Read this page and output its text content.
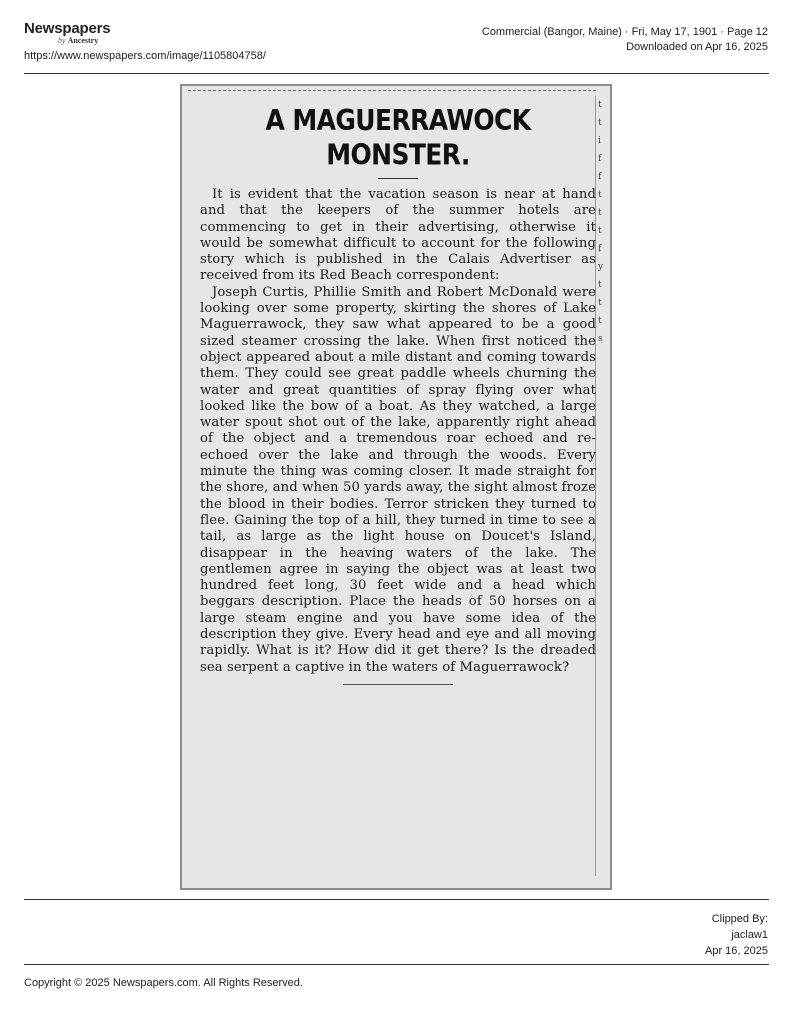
Newspapers
by Ancestry
https://www.newspapers.com/image/1105804758/
Commercial (Bangor, Maine) · Fri, May 17, 1901 · Page 12
Downloaded on Apr 16, 2025
t
t
i
f
f
t
t
t
f
y
t
t
t
s
A MAGUERRAWOCK MONSTER.

It is evident that the vacation season is near at hand and that the keepers of the summer hotels are commencing to get in their advertising, otherwise it would be somewhat difficult to account for the following story which is published in the Calais Advertiser as received from its Red Beach correspondent:

Joseph Curtis, Phillie Smith and Robert McDonald were looking over some property, skirting the shores of Lake Maguerrawock, they saw what appeared to be a good sized steamer crossing the lake. When first noticed the object appeared about a mile distant and coming towards them. They could see great paddle wheels churning the water and great quantities of spray flying over what looked like the bow of a boat. As they watched, a large water spout shot out of the lake, apparently right ahead of the object and a tremendous roar echoed and re-echoed over the lake and through the woods. Every minute the thing was coming closer. It made straight for the shore, and when 50 yards away, the sight almost froze the blood in their bodies. Terror stricken they turned to flee. Gaining the top of a hill, they turned in time to see a tail, as large as the light house on Doucet's Island, disappear in the heaving waters of the lake. The gentlemen agree in saying the object was at least two hundred feet long, 30 feet wide and a head which beggars description. Place the heads of 50 horses on a large steam engine and you have some idea of the description they give. Every head and eye and all moving rapidly. What is it? How did it get there? Is the dreaded sea serpent a captive in the waters of Maguerrawock?

Clipped By:
jaclaw1
Apr 16, 2025
Copyright © 2025 Newspapers.com. All Rights Reserved.
